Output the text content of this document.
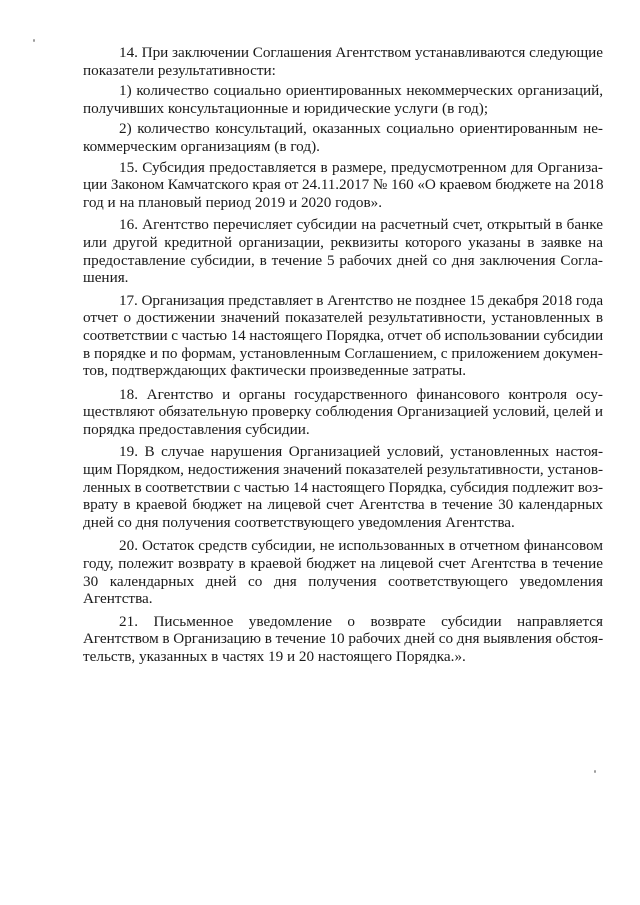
14. При заключении Соглашения Агентством устанавливаются следующие
показатели результативности:
1) количество социально ориентированных некоммерческих организаций,
получивших консультационные и юридические услуги (в год);
2) количество консультаций, оказанных социально ориентированным не-
коммерческим организациям (в год).
15. Субсидия предоставляется в размере, предусмотренном для Организа-
ции Законом Камчатского края от 24.11.2017 № 160 «О краевом бюджете на 2018
год и на плановый период 2019 и 2020 годов».
16. Агентство перечисляет субсидии на расчетный счет, открытый в банке
или другой кредитной организации, реквизиты которого указаны в заявке на
предоставление субсидии, в течение 5 рабочих дней со дня заключения Согла-
шения.
17. Организация представляет в Агентство не позднее 15 декабря 2018 года
отчет о достижении значений показателей результативности, установленных в
соответствии с частью 14 настоящего Порядка, отчет об использовании субсидии
в порядке и по формам, установленным Соглашением, с приложением докумен-
тов, подтверждающих фактически произведенные затраты.
18. Агентство и органы государственного финансового контроля осу-
ществляют обязательную проверку соблюдения Организацией условий, целей и
порядка предоставления субсидии.
19. В случае нарушения Организацией условий, установленных настоя-
щим Порядком, недостижения значений показателей результативности, установ-
ленных в соответствии с частью 14 настоящего Порядка, субсидия подлежит воз-
врату в краевой бюджет на лицевой счет Агентства в течение 30 календарных
дней со дня получения соответствующего уведомления Агентства.
20. Остаток средств субсидии, не использованных в отчетном финансовом
году, полежит возврату в краевой бюджет на лицевой счет Агентства в течение
30 календарных дней со дня получения соответствующего уведомления
Агентства.
21. Письменное уведомление о возврате субсидии направляется
Агентством в Организацию в течение 10 рабочих дней со дня выявления обстоя-
тельств, указанных в частях 19 и 20 настоящего Порядка.».
